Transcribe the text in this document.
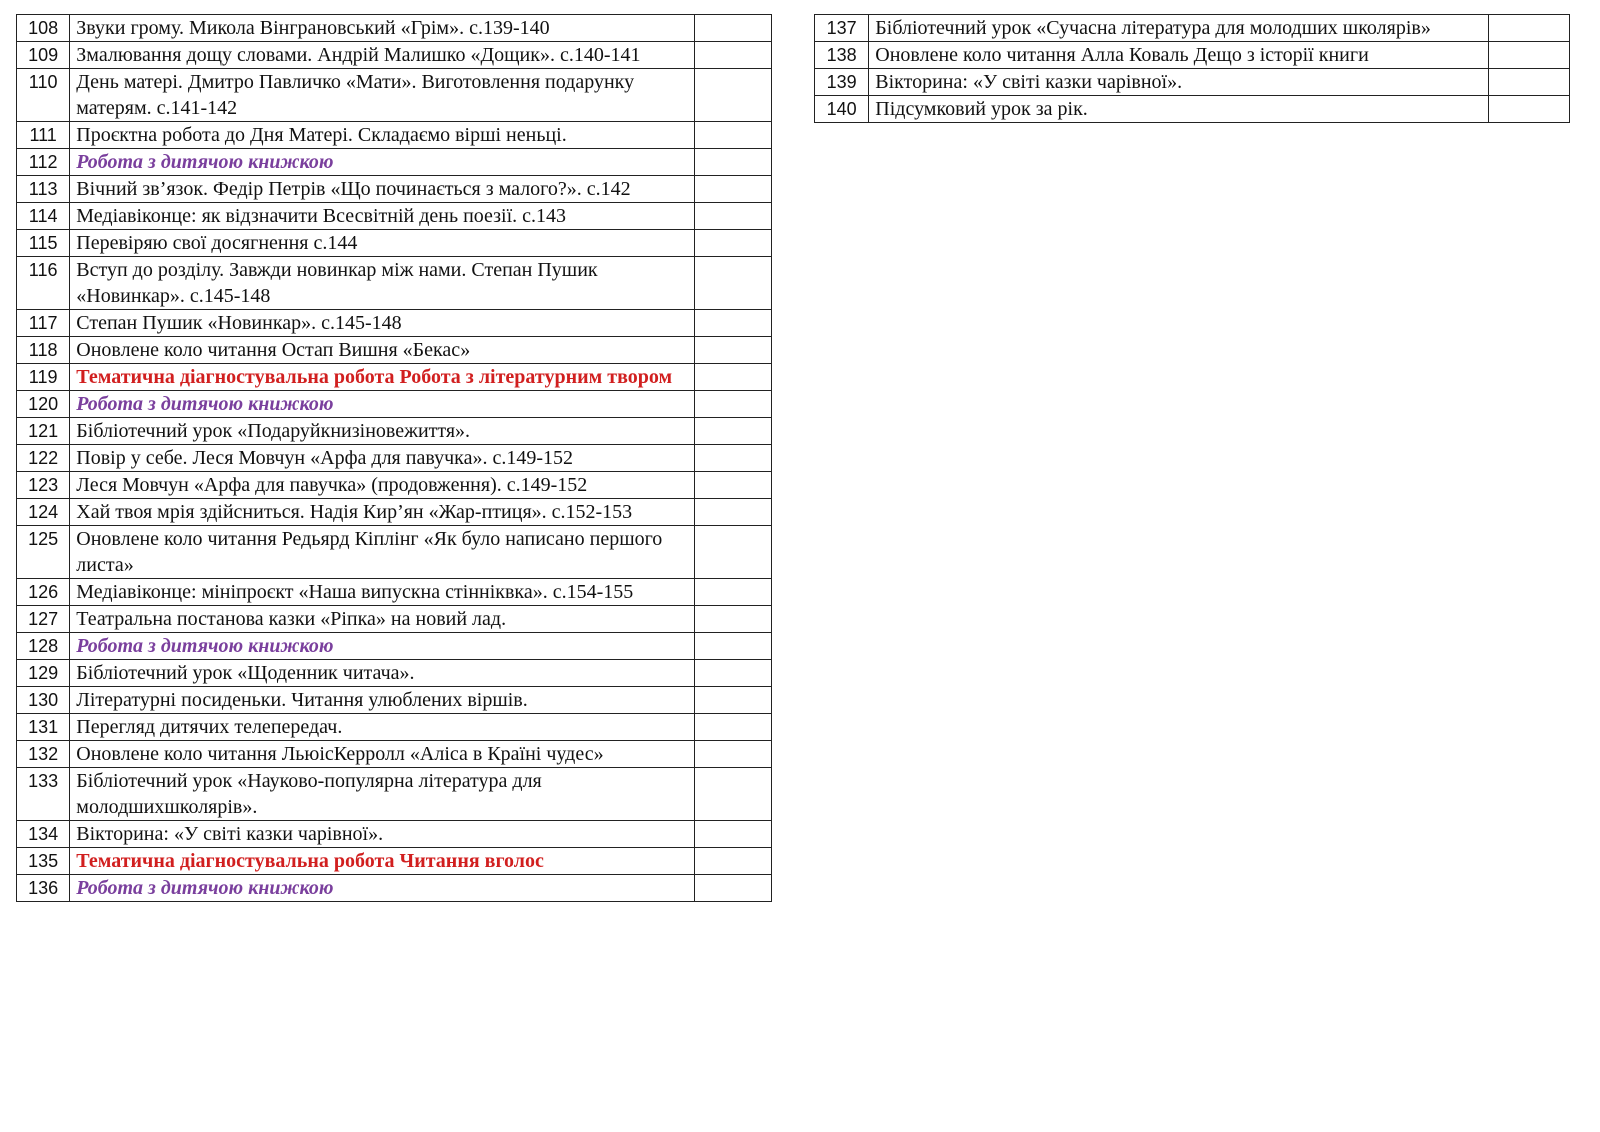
108	Звуки грому. Микола Вінграновський «Грім». с.139-140	
109	Змалювання дощу словами. Андрій Малишко «Дощик». с.140-141	
110	День матері. Дмитро Павличко «Мати». Виготовлення подарунку матерям. с.141-142	
111	Проєктна робота до Дня Матері. Складаємо вірші неньці.	
112	Робота з дитячою книжкою	
113	Вічний зв’язок. Федір Петрів «Що починається з малого?». с.142	
114	Медіавіконце: як відзначити Всесвітній день поезії. с.143	
115	Перевіряю свої досягнення с.144	
116	Вступ до розділу. Завжди новинкар між нами. Степан Пушик «Новинкар». с.145-148	
117	Степан Пушик «Новинкар». с.145-148	
118	Оновлене коло читання Остап Вишня «Бекас»	
119	Тематична діагностувальна робота Робота з літературним твором	
120	Робота з дитячою книжкою	
121	Бібліотечний урок «Подаруйкнизіновежиття».	
122	Повір у себе. Леся Мовчун «Арфа для павучка». с.149-152	
123	Леся Мовчун «Арфа для павучка» (продовження). с.149-152	
124	Хай твоя мрія здійсниться. Надія Кир’ян «Жар-птиця». с.152-153	
125	Оновлене коло читання Редьярд Кіплінг «Як було написано першого листа»	
126	Медіавіконце: мініпроєкт «Наша випускна стінніквка». с.154-155	
127	Театральна постанова казки «Ріпка» на новий лад.	
128	Робота з дитячою книжкою	
129	Бібліотечний урок «Щоденник читача».	
130	Літературні посиденьки. Читання улюблених віршів.	
131	Перегляд дитячих телепередач.	
132	Оновлене коло читання ЛьюісКерролл «Аліса в Країні чудес»	
133	Бібліотечний урок «Науково-популярна література для молодшихшколярів».	
134	Вікторина: «У світі казки чарівної».	
135	Тематична діагностувальна робота Читання вголос	
136	Робота з дитячою книжкою	
137	Бібліотечний урок «Сучасна література для молодших школярів»	
138	Оновлене коло читання Алла Коваль Дещо з історії книги	
139	Вікторина: «У світі казки чарівної».	
140	Підсумковий урок за рік.	
